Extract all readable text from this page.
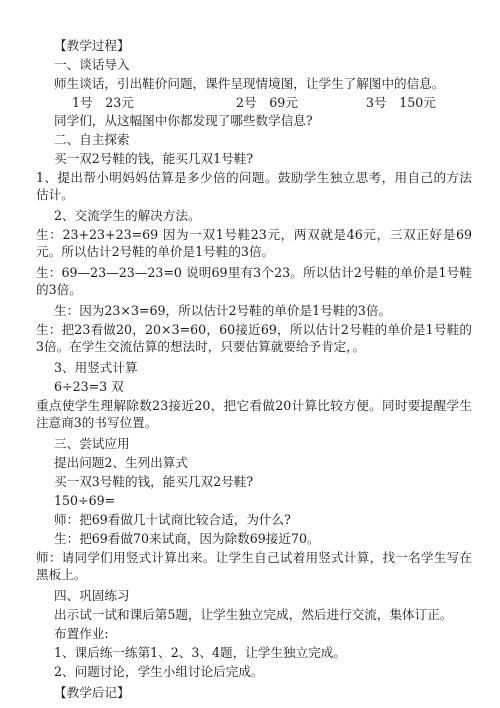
【教学过程】
一、谈话导入
师生谈话，引出鞋价问题，课件呈现情境图，让学生了解图中的信息。
1号　23元	2号　69元	3号　150元
同学们，从这幅图中你都发现了哪些数学信息?
二、自主探索
买一双2号鞋的钱，能买几双1号鞋?
1、提出帮小明妈妈估算是多少倍的问题。鼓励学生独立思考，用自己的方法估计。
2、交流学生的解决方法。
生：23+23+23=69 因为一双1号鞋23元，两双就是46元，三双正好是69元。所以估计2号鞋的单价是1号鞋的3倍。
生：69—23—23—23=0 说明69里有3个23。所以估计2号鞋的单价是1号鞋的3倍。
生：因为23×3=69，所以估计2号鞋的单价是1号鞋的3倍。
生：把23看做20，20×3=60，60接近69，所以估计2号鞋的单价是1号鞋的3倍。在学生交流估算的想法时，只要估算就要给予肯定，。
3、用竖式计算
6÷23=3 双
重点使学生理解除数23接近20，把它看做20计算比较方便。同时要提醒学生注意商3的书写位置。
三、尝试应用
提出问题2、生列出算式
买一双3号鞋的钱，能买几双2号鞋?
150÷69=
师：把69看做几十试商比较合适，为什么?
生：把69看做70来试商，因为除数69接近70。
师：请同学们用竖式计算出来。让学生自己试着用竖式计算，找一名学生写在黑板上。
四、巩固练习
出示试一试和课后第5题，让学生独立完成，然后进行交流，集体订正。
布置作业:
1、课后练一练第1、2、3、4题，让学生独立完成。
2、问题讨论，学生小组讨论后完成。
【教学后记】
